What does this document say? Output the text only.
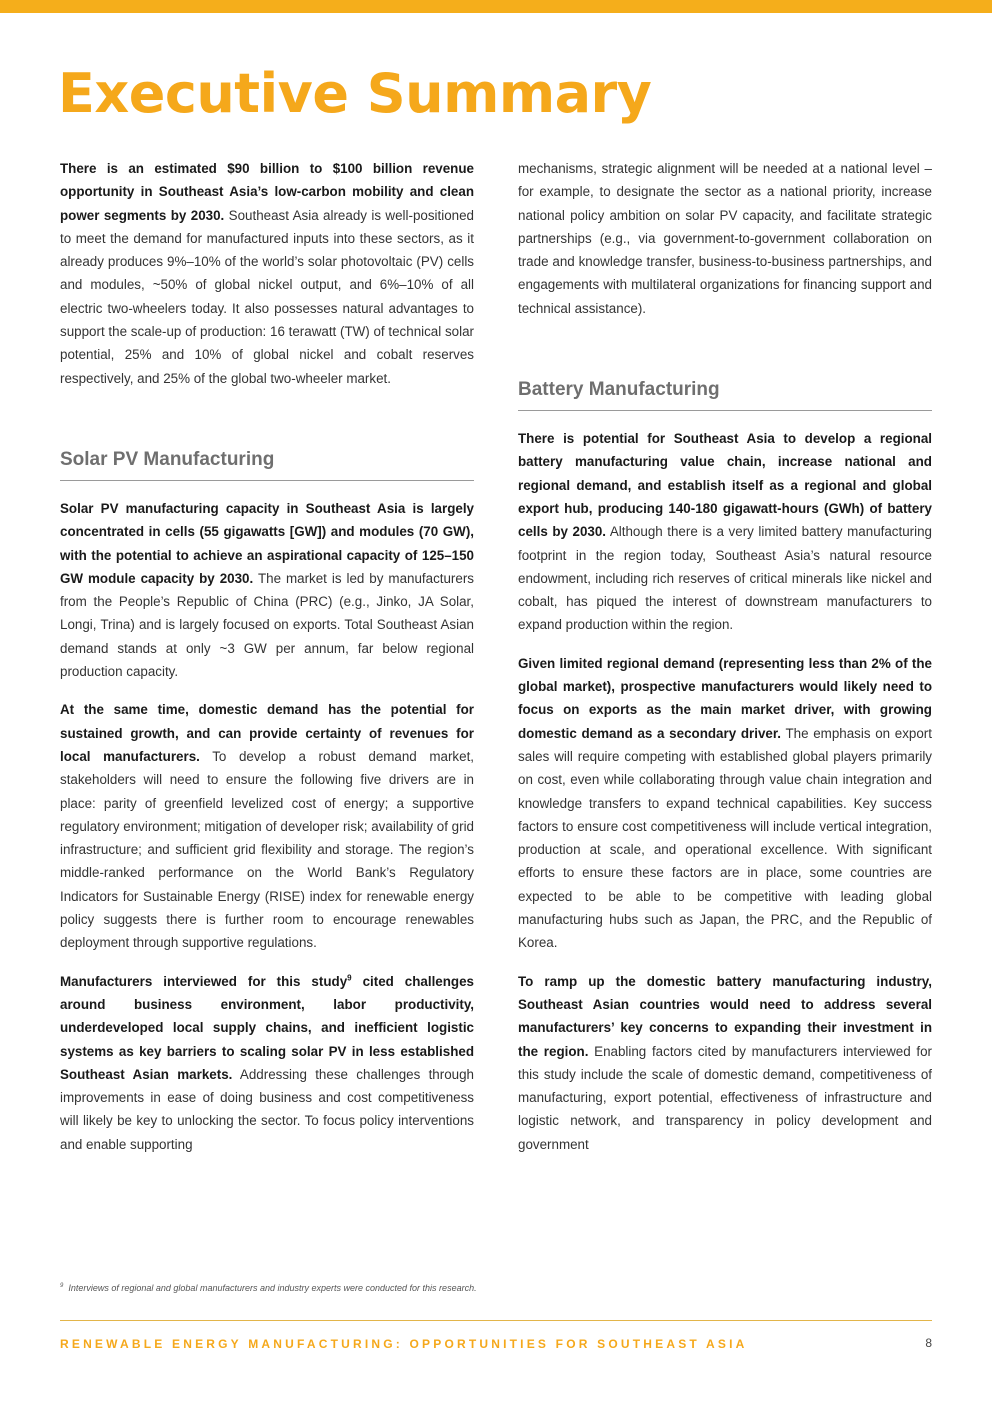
Executive Summary

There is an estimated $90 billion to $100 billion revenue opportunity in Southeast Asia’s low-carbon mobility and clean power segments by 2030. Southeast Asia already is well-positioned to meet the demand for manufactured inputs into these sectors, as it already produces 9%–10% of the world’s solar photovoltaic (PV) cells and modules, ~50% of global nickel output, and 6%–10% of all electric two-wheelers today. It also possesses natural advantages to support the scale-up of production: 16 terawatt (TW) of technical solar potential, 25% and 10% of global nickel and cobalt reserves respectively, and 25% of the global two-wheeler market.

Solar PV Manufacturing

Solar PV manufacturing capacity in Southeast Asia is largely concentrated in cells (55 gigawatts [GW]) and modules (70 GW), with the potential to achieve an aspirational capacity of 125–150 GW module capacity by 2030. The market is led by manufacturers from the People’s Republic of China (PRC) (e.g., Jinko, JA Solar, Longi, Trina) and is largely focused on exports. Total Southeast Asian demand stands at only ~3 GW per annum, far below regional production capacity.

At the same time, domestic demand has the potential for sustained growth, and can provide certainty of revenues for local manufacturers. To develop a robust demand market, stakeholders will need to ensure the following five drivers are in place: parity of greenfield levelized cost of energy; a supportive regulatory environment; mitigation of developer risk; availability of grid infrastructure; and sufficient grid flexibility and storage. The region’s middle-ranked performance on the World Bank’s Regulatory Indicators for Sustainable Energy (RISE) index for renewable energy policy suggests there is further room to encourage renewables deployment through supportive regulations.

Manufacturers interviewed for this study$^9$ cited challenges around business environment, labor productivity, underdeveloped local supply chains, and inefficient logistic systems as key barriers to scaling solar PV in less established Southeast Asian markets. Addressing these challenges through improvements in ease of doing business and cost competitiveness will likely be key to unlocking the sector. To focus policy interventions and enable supporting

mechanisms, strategic alignment will be needed at a national level – for example, to designate the sector as a national priority, increase national policy ambition on solar PV capacity, and facilitate strategic partnerships (e.g., via government-to-government collaboration on trade and knowledge transfer, business-to-business partnerships, and engagements with multilateral organizations for financing support and technical assistance).

Battery Manufacturing

There is potential for Southeast Asia to develop a regional battery manufacturing value chain, increase national and regional demand, and establish itself as a regional and global export hub, producing 140-180 gigawatt-hours (GWh) of battery cells by 2030. Although there is a very limited battery manufacturing footprint in the region today, Southeast Asia’s natural resource endowment, including rich reserves of critical minerals like nickel and cobalt, has piqued the interest of downstream manufacturers to expand production within the region.

Given limited regional demand (representing less than 2% of the global market), prospective manufacturers would likely need to focus on exports as the main market driver, with growing domestic demand as a secondary driver. The emphasis on export sales will require competing with established global players primarily on cost, even while collaborating through value chain integration and knowledge transfers to expand technical capabilities. Key success factors to ensure cost competitiveness will include vertical integration, production at scale, and operational excellence. With significant efforts to ensure these factors are in place, some countries are expected to be able to be competitive with leading global manufacturing hubs such as Japan, the PRC, and the Republic of Korea.

To ramp up the domestic battery manufacturing industry, Southeast Asian countries would need to address several manufacturers’ key concerns to expanding their investment in the region. Enabling factors cited by manufacturers interviewed for this study include the scale of domestic demand, competitiveness of manufacturing, export potential, effectiveness of infrastructure and logistic network, and transparency in policy development and government

$^9$ Interviews of regional and global manufacturers and industry experts were conducted for this research.
RENEWABLE ENERGY MANUFACTURING: OPPORTUNITIES FOR SOUTHEAST ASIA	8
